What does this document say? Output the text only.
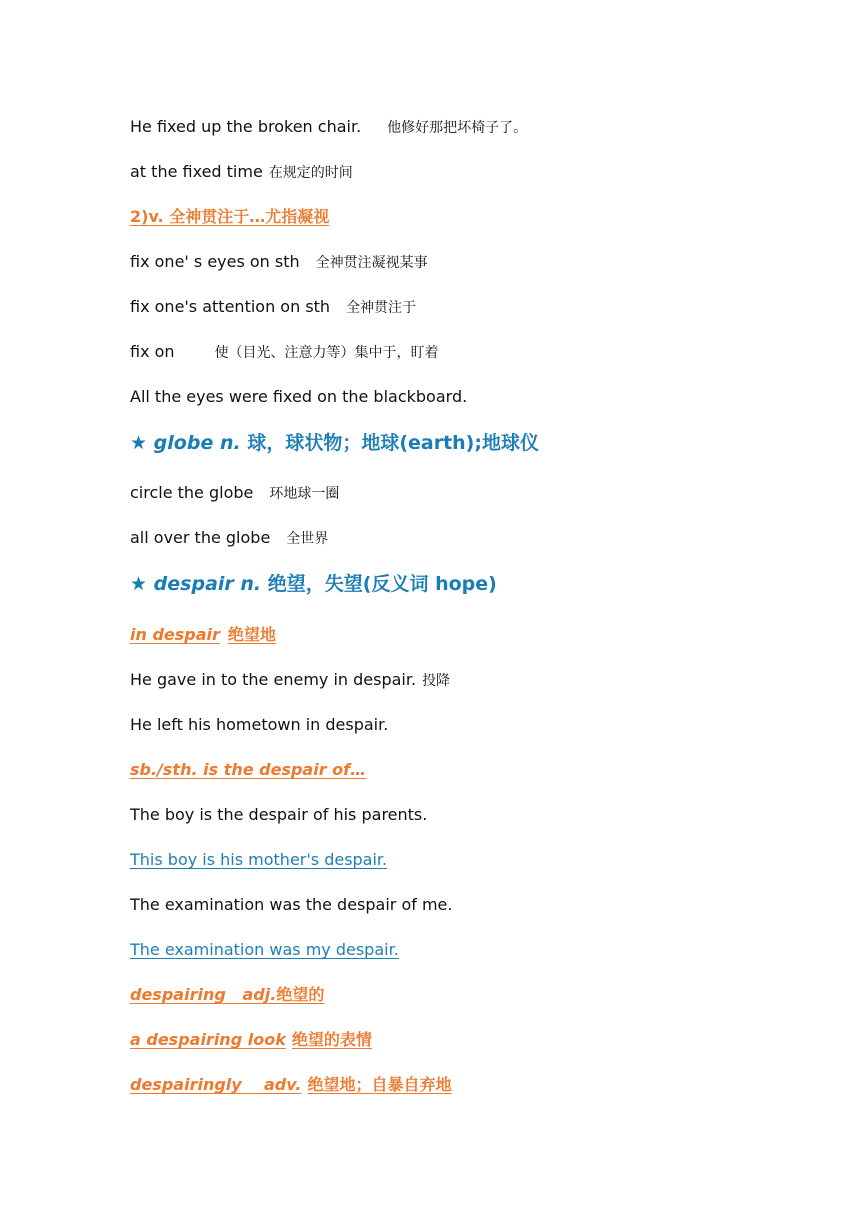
He fixed up the broken chair. 他修好那把坏椅子了。
at the fixed time 在规定的时间
2)v. 全神贯注于…尤指凝视
fix one' s eyes on sth 全神贯注凝视某事
fix one's attention on sth 全神贯注于
fix on	使（目光、注意力等）集中于，盯着
All the eyes were fixed on the blackboard.
★ globe n. 球，球状物；地球(earth);地球仪
circle the globe 环地球一圈
all over the globe 全世界
★ despair n. 绝望，失望(反义词 hope)
in despair 绝望地
He gave in to the enemy in despair. 投降
He left his hometown in despair.
sb./sth. is the despair of…
The boy is the despair of his parents.
This boy is his mother's despair.
The examination was the despair of me.
The examination was my despair.
despairing   adj.绝望的
a despairing look 绝望的表情
despairingly    adv. 绝望地；自暴自弃地
